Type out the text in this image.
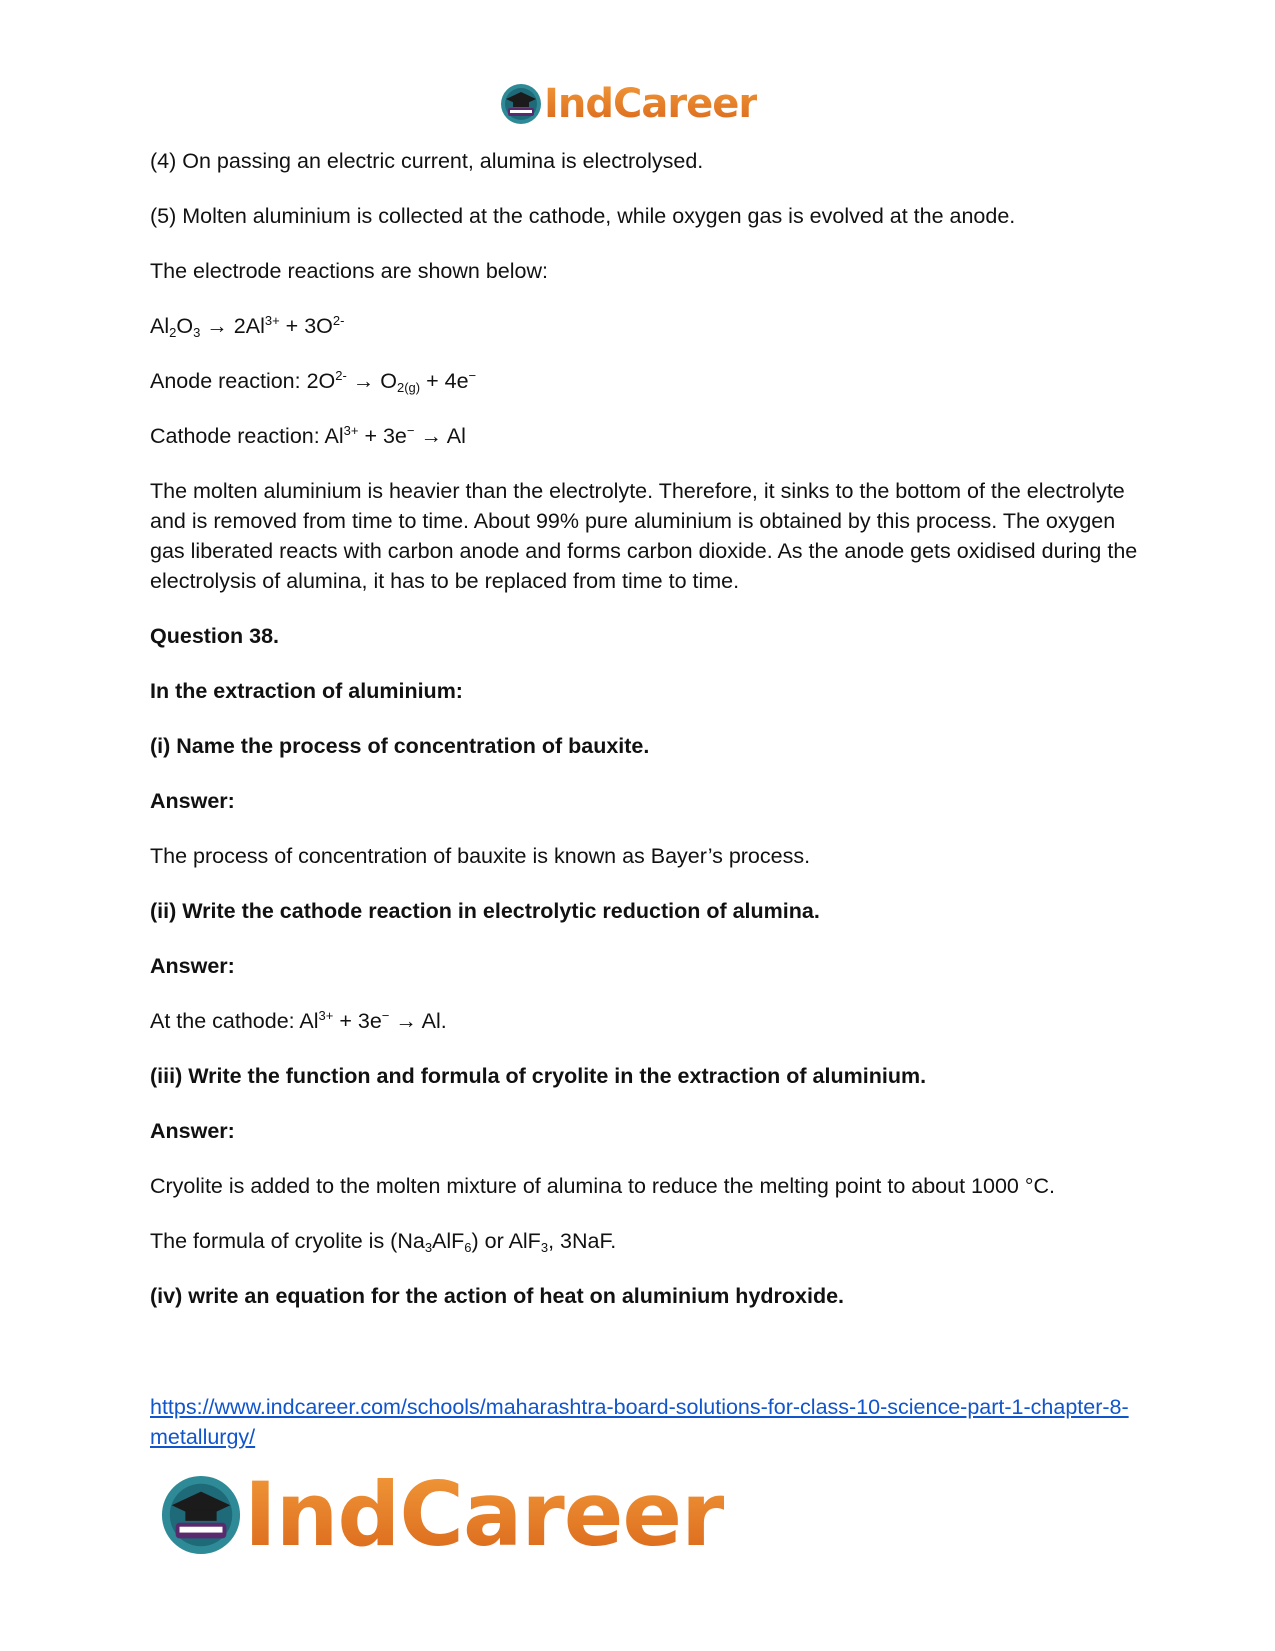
IndCareer

(4) On passing an electric current, alumina is electrolysed.

(5) Molten aluminium is collected at the cathode, while oxygen gas is evolved at the anode.

The electrode reactions are shown below:

$Al_2O_3 \to 2Al^{3+} + 3O^{2-}$

Anode reaction: $2O^{2-} \to O_{2(g)} + 4e^-$

Cathode reaction: $Al^{3+} + 3e^- \to Al$

The molten aluminium is heavier than the electrolyte. Therefore, it sinks to the bottom of the electrolyte and is removed from time to time. About 99% pure aluminium is obtained by this process. The oxygen gas liberated reacts with carbon anode and forms carbon dioxide. As the anode gets oxidised during the electrolysis of alumina, it has to be replaced from time to time.

Question 38.

In the extraction of aluminium:

(i) Name the process of concentration of bauxite.

Answer:

The process of concentration of bauxite is known as Bayer’s process.

(ii) Write the cathode reaction in electrolytic reduction of alumina.

Answer:

At the cathode: $Al^{3+} + 3e^- \to Al$.

(iii) Write the function and formula of cryolite in the extraction of aluminium.

Answer:

Cryolite is added to the molten mixture of alumina to reduce the melting point to about 1000 °C.

The formula of cryolite is $(Na_3AlF_6)$ or AlF$_3$, 3NaF.

(iv) write an equation for the action of heat on aluminium hydroxide.

https://www.indcareer.com/schools/maharashtra-board-solutions-for-class-10-science-part-1-chapter-8-metallurgy/
IndCareer
